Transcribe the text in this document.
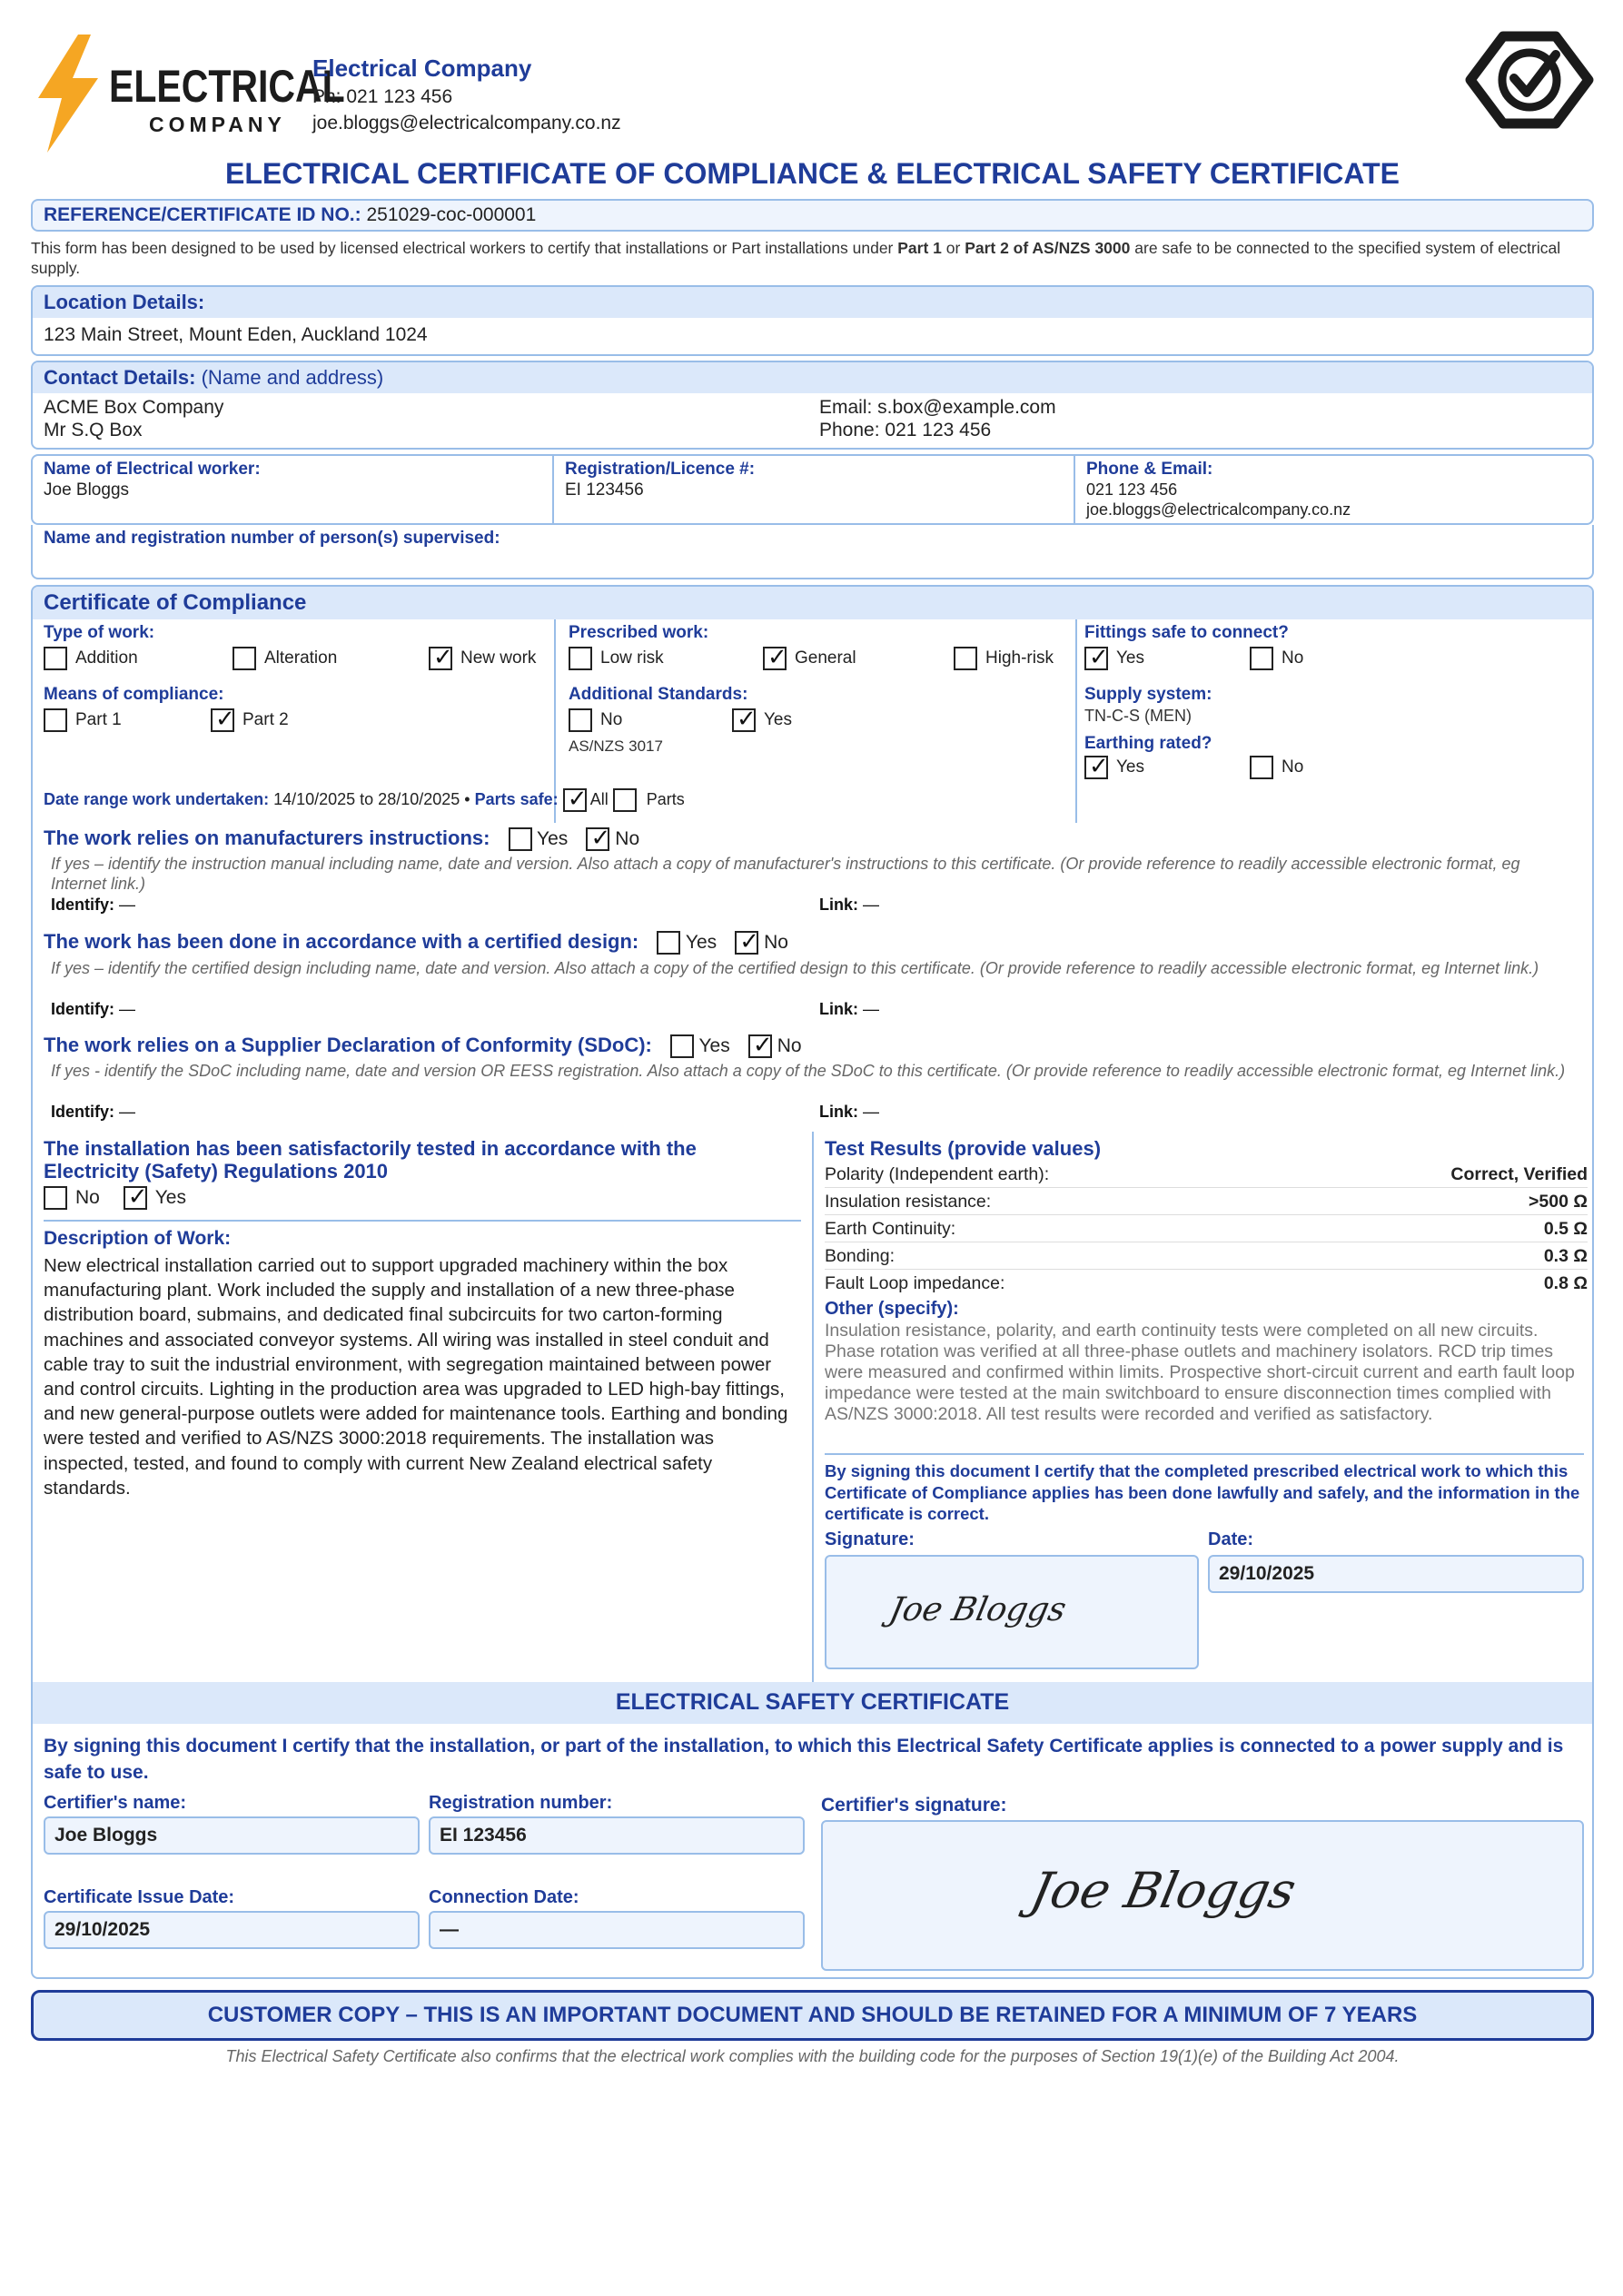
ELECTRICAL
COMPANY
Electrical Company
Ph: 021 123 456
joe.bloggs@electricalcompany.co.nz
ELECTRICAL CERTIFICATE OF COMPLIANCE & ELECTRICAL SAFETY CERTIFICATE
REFERENCE/CERTIFICATE ID NO.: 251029-coc-000001
This form has been designed to be used by licensed electrical workers to certify that installations or Part installations under Part 1 or Part 2 of AS/NZS 3000 are safe to be connected to the specified system of electrical supply.
Location Details:
123 Main Street, Mount Eden, Auckland 1024
Contact Details: (Name and address)
ACME Box Company
Mr S.Q Box
Email: s.box@example.com
Phone: 021 123 456
Name of Electrical worker:
Joe Bloggs
Registration/Licence #:
EI 123456
Phone & Email:
021 123 456
joe.bloggs@electricalcompany.co.nz
Name and registration number of person(s) supervised:
Certificate of Compliance
Type of work:
Addition	Alteration ✓	New work
Means of compliance:
Part 1 ✓	Part 2
Prescribed work:
Low risk ✓	General	High-risk
Additional Standards:
No ✓	Yes
AS/NZS 3017
Fittings safe to connect?
✓Yes	No
Supply system:
TN-C-S (MEN)
Earthing rated?
✓Yes	No
Date range work undertaken: 14/10/2025 to 28/10/2025 • Parts safe: ✓ All Parts
The work relies on manufacturers instructions: Yes ✓ No
If yes – identify the instruction manual including name, date and version. Also attach a copy of manufacturer's instructions to this certificate. (Or provide reference to readily accessible electronic format, eg Internet link.)
Identify: —	Link: —
The work has been done in accordance with a certified design: Yes ✓ No
If yes – identify the certified design including name, date and version. Also attach a copy of the certified design to this certificate. (Or provide reference to readily accessible electronic format, eg Internet link.)
Identify: —	Link: —
The work relies on a Supplier Declaration of Conformity (SDoC): Yes ✓ No
If yes - identify the SDoC including name, date and version OR EESS registration. Also attach a copy of the SDoC to this certificate. (Or provide reference to readily accessible electronic format, eg Internet link.)
Identify: —	Link: —
The installation has been satisfactorily tested in accordance with the Electricity (Safety) Regulations 2010
No ✓	Yes
Description of Work:
New electrical installation carried out to support upgraded machinery within the box manufacturing plant. Work included the supply and installation of a new three-phase distribution board, submains, and dedicated final subcircuits for two carton-forming machines and associated conveyor systems. All wiring was installed in steel conduit and cable tray to suit the industrial environment, with segregation maintained between power and control circuits. Lighting in the production area was upgraded to LED high-bay fittings, and new general-purpose outlets were added for maintenance tools. Earthing and bonding were tested and verified to AS/NZS 3000:2018 requirements. The installation was inspected, tested, and found to comply with current New Zealand electrical safety standards.
Test Results (provide values)
Polarity (Independent earth):	Correct, Verified
Insulation resistance:	>500 Ω
Earth Continuity:	0.5 Ω
Bonding:	0.3 Ω
Fault Loop impedance:	0.8 Ω
Other (specify):
Insulation resistance, polarity, and earth continuity tests were completed on all new circuits. Phase rotation was verified at all three-phase outlets and machinery isolators. RCD trip times were measured and confirmed within limits. Prospective short-circuit current and earth fault loop impedance were tested at the main switchboard to ensure disconnection times complied with AS/NZS 3000:2018. All test results were recorded and verified as satisfactory.
By signing this document I certify that the completed prescribed electrical work to which this Certificate of Compliance applies has been done lawfully and safely, and the information in the certificate is correct.
Signature:
Joe Bloggs
Date:
29/10/2025
ELECTRICAL SAFETY CERTIFICATE
By signing this document I certify that the installation, or part of the installation, to which this Electrical Safety Certificate applies is connected to a power supply and is safe to use.
Certifier's name:
Joe Bloggs
Registration number:
EI 123456
Certificate Issue Date:
29/10/2025
Connection Date:
—
Certifier's signature:
Joe Bloggs
CUSTOMER COPY – THIS IS AN IMPORTANT DOCUMENT AND SHOULD BE RETAINED FOR A MINIMUM OF 7 YEARS
This Electrical Safety Certificate also confirms that the electrical work complies with the building code for the purposes of Section 19(1)(e) of the Building Act 2004.
